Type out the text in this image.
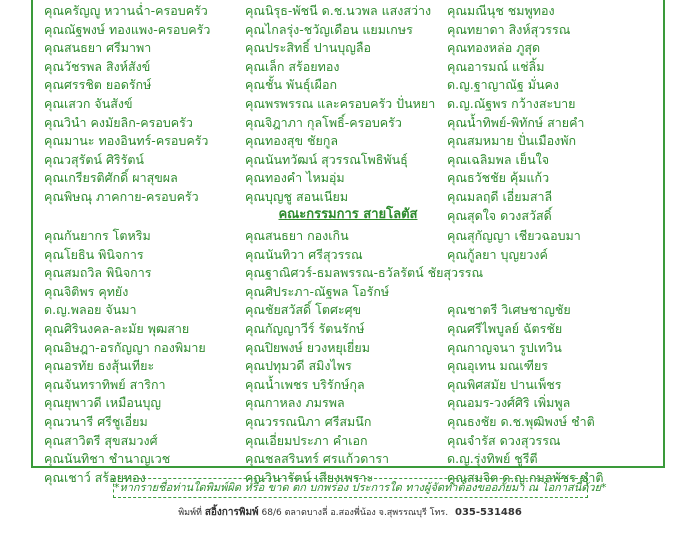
คุณครัญญู หวานฉ่ำ-ครอบครัว
คุณณัฐพงษ์ ทองแพง-ครอบครัว
คุณสนธยา ศรีมาพา
คุณวัชรพล สิงห์สังข์
คุณศรรชิต ยอดรักษ์
คุณเสวก จันสังข์
คุณวินำ คงมัยลิก-ครอบครัว
คุณมานะ ทองอินทร์-ครอบครัว
คุณวสุรัตน์ ศิริรัตน์
คุณเกรียรติศักดิ์ ผาสุขผล
คุณพิษณุ ภาคกาย-ครอบครัว
คุณนิรุธ-พัชนี ด.ช.นวพล แสงสว่าง
คุณไกลรุ่ง-ชวัญเดือน แยมเกษร
คุณประสิทธิ์ ปานบุญลือ
คุณเล็ก สร้อยทอง
คุณชั้น พันธุ์เผือก
คุณพรพรรณ และครอบครัว ปั่นหยา
คุณจิฎาภา กุลโพธิ์-ครอบครัว
คุณทองสุข ชัยกูล
คุณนันทวัฒน์ สุวรรณโพธิพันธุ์
คุณทองคำ ไหมอุ่ม
คุณบุญชู สอนเนียม
คุณมณีนุช ชมพูทอง
คุณทยาดา สิงห์สุวรรณ
คุณทองหล่อ ภูสุด
คุณอารมณ์ แช่ลิ้ม
ด.ญ.ฐาญาณัฐ มั่นคง
ด.ญ.ณัฐพร กว้างสะบาย
คุณน้ำทิพย์-พิทักษ์ สายคำ
คุณสมหมาย ปั่นเมืองพัก
คุณเฉลิมพล เย็นใจ
คุณธวัชชัย คุ้มแก้ว
คุณมลฤดี เอี่ยมสาลี
คุณสุดใจ ดวงสวัสดิ์
คณะกรรมการ สายโลตัส
คุณกันยากร โตหริม
คุณโยธิน พินิจการ
คุณสมถวิล พินิจการ
คุณจิติพร คุทยัง
ด.ญ.พลอย จันมา
คุณศิรินงคล-ละมัย พุฒสาย
คุณอิษฎา-อรกัญญา กองพิมาย
คุณอรทัย ธงสุ้นเทียะ
คุณจันทราทิพย์ สาริกา
คุณยุพาวดี เหมือนบุญ
คุณวนารี ศรีชูเอี่ยม
คุณสาวิตรี สุขสมวงศ์
คุณนันทิชา ชำนาญเวช
คุณเชาว์ สร้อยทอง
คุณสนธยา กองเกิน
คุณนันทิวา ศรีสุวรรณ
คุณฐาณิศวร์-ธมลพรรณ-ธวัลรัตน์ ชัยสุวรรณ
คุณศิประภา-ณัฐพล โอรักษ์
คุณชัยสวัสดิ์ โตศะศุข
คุณกัญญาวีร์ รัตนรักษ์
คุณปิยพงษ์ ยวงหยุเยี่ยม
คุณปทุมวดี สมิงไพร
คุณน้ำเพชร บริรักษ์กุล
คุณกาหลง ภมรพล
คุณวรรณนิภา ศรีสมนึก
คุณเอี่ยมประภา คำเอก
คุณชลสรินทร์ ศรแก้วดารา
คุณวินารัตน์ เสียงเพราะ
คุณสุกัญญา เชียวฉอบมา
คุณกู้ลยา บุญยวงค์
คุณชาตรี วิเศษชาญชัย
คุณศรีไพบูลย์ ฉัตรชัย
คุณกาญจนา รูปเทวิน
คุณอุเทน มณเฑียร
คุณพิศสมัย ปานเพ็ชร
คุณอมร-วงศ์ศิริ เพิ่มพูล
คุณธงชัย ด.ช.พุฒิพงษ์ ชำติ
คุณจำรัส ดวงสุวรรณ
ด.ญ.รุ่งทิพย์ ชูรีตี
คุณสมจิต ด.ญ.กมลพัชร ชำติ
*หากรายชื่อท่านใดพิมพ์ผิด หรือ ขาด ตก บกพร่อง ประการใด ทางผู้จัดทำต้องขออภัยมา ณ โอกาสนี้ด้วย*
พิมพ์ที่ สอิ้งการพิมพ์ 68/6 ตลาดบางลี่ อ.สองพี่น้อง จ.สุพรรณบุรี โทร. 035-531486
